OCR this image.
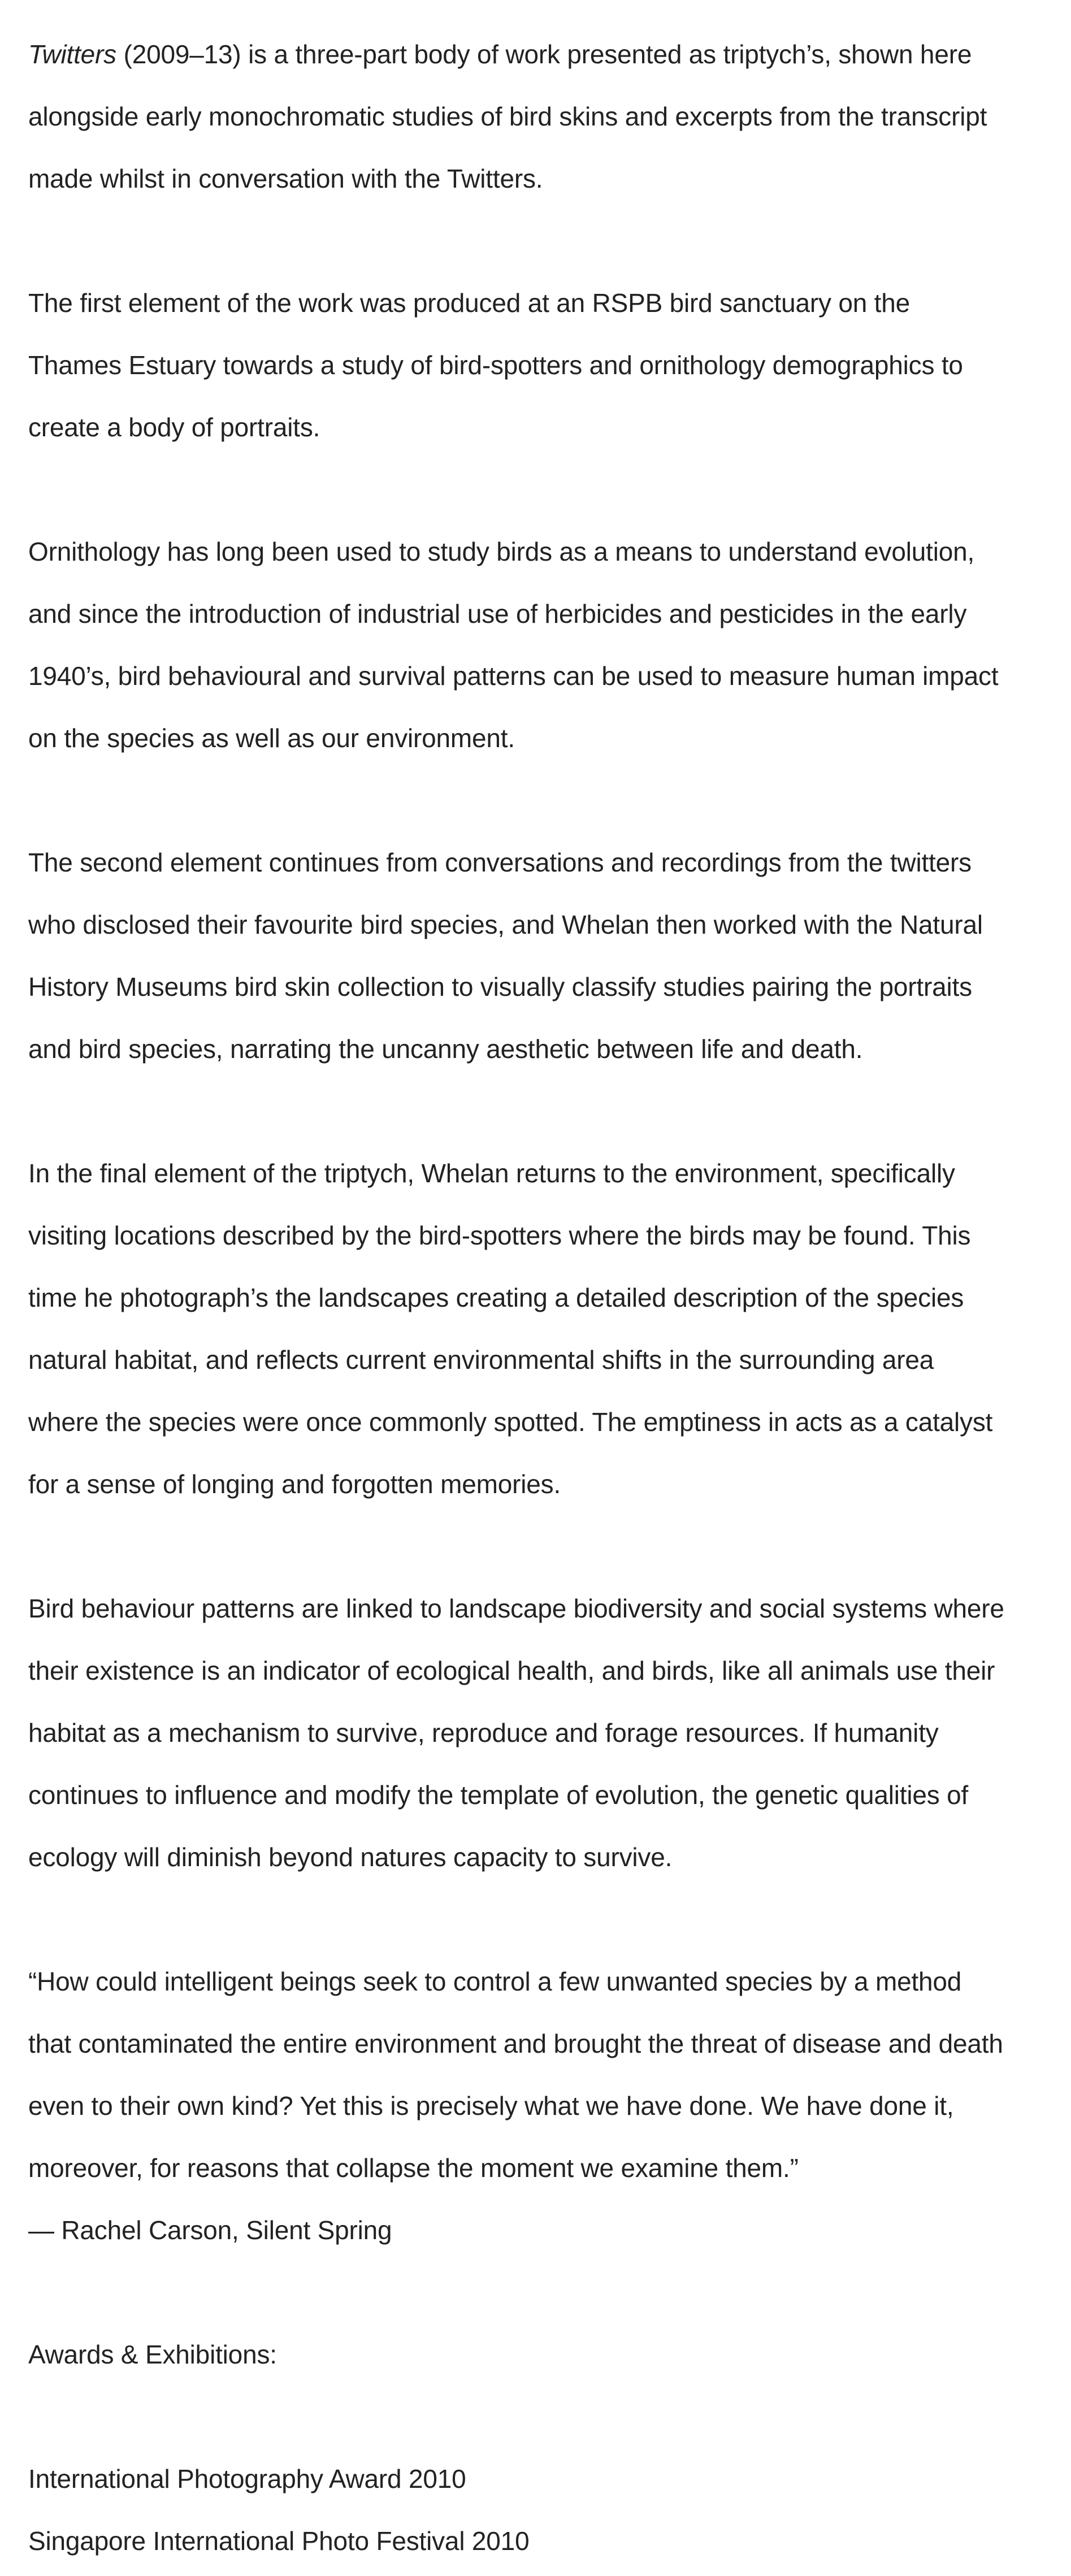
Twitters (2009–13) is a three-part body of work presented as triptych’s, shown here

alongside early monochromatic studies of bird skins and excerpts from the transcript

made whilst in conversation with the Twitters.

The first element of the work was produced at an RSPB bird sanctuary on the

Thames Estuary towards a study of bird-spotters and ornithology demographics to

create a body of portraits.

Ornithology has long been used to study birds as a means to understand evolution,

and since the introduction of industrial use of herbicides and pesticides in the early

1940’s, bird behavioural and survival patterns can be used to measure human impact

on the species as well as our environment.

The second element continues from conversations and recordings from the twitters

who disclosed their favourite bird species, and Whelan then worked with the Natural

History Museums bird skin collection to visually classify studies pairing the portraits

and bird species, narrating the uncanny aesthetic between life and death.

In the final element of the triptych, Whelan returns to the environment, specifically

visiting locations described by the bird-spotters where the birds may be found. This

time he photograph’s the landscapes creating a detailed description of the species

natural habitat, and reflects current environmental shifts in the surrounding area

where the species were once commonly spotted. The emptiness in acts as a catalyst

for a sense of longing and forgotten memories.

Bird behaviour patterns are linked to landscape biodiversity and social systems where

their existence is an indicator of ecological health, and birds, like all animals use their

habitat as a mechanism to survive, reproduce and forage resources. If humanity

continues to influence and modify the template of evolution, the genetic qualities of

ecology will diminish beyond natures capacity to survive.

“How could intelligent beings seek to control a few unwanted species by a method

that contaminated the entire environment and brought the threat of disease and death

even to their own kind? Yet this is precisely what we have done. We have done it,

moreover, for reasons that collapse the moment we examine them.”

— Rachel Carson, Silent Spring

Awards & Exhibitions:

International Photography Award 2010

Singapore International Photo Festival 2010
